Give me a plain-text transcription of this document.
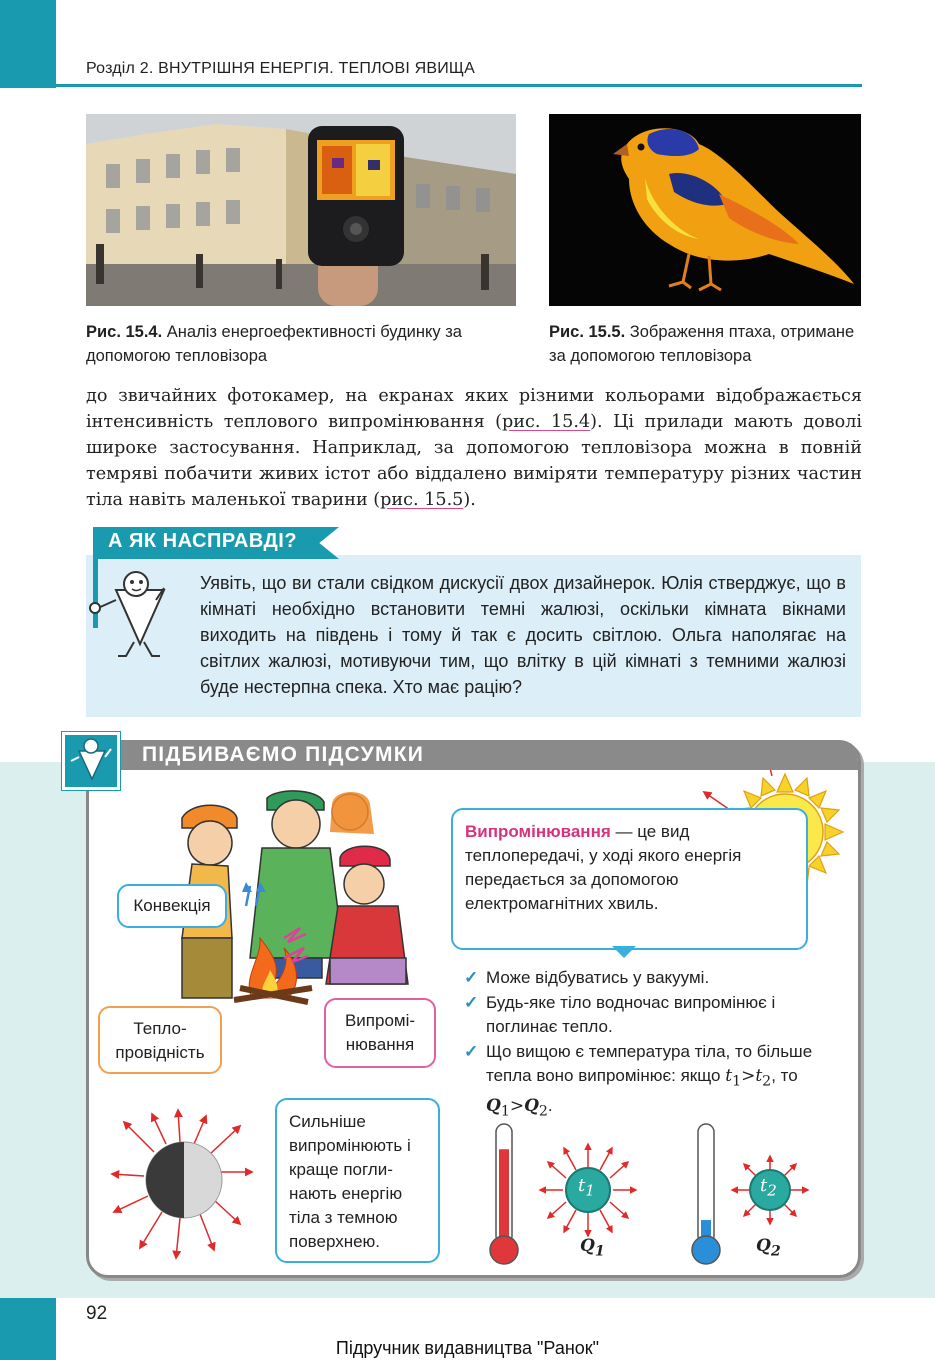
Розділ 2. ВНУТРІШНЯ ЕНЕРГІЯ. ТЕПЛОВІ ЯВИЩА
Рис. 15.4. Аналіз енергоефективності будинку за допомогою тепловізора
Рис. 15.5. Зображення птаха, отримане за допомогою тепловізора
до звичайних фотокамер, на екранах яких різними кольорами відображається інтенсивність теплового випромінювання (рис. 15.4). Ці прилади мають доволі широке застосування. Наприклад, за допомогою тепловізора можна в повній темряві побачити живих істот або віддалено виміряти температуру різних частин тіла навіть маленької тварини (рис. 15.5).
А ЯК НАСПРАВДІ?
Уявіть, що ви стали свідком дискусії двох дизайнерок. Юлія стверджує, що в кімнаті необхідно встановити темні жалюзі, оскільки кімната вікнами виходить на південь і тому й так є досить світлою. Ольга наполягає на світлих жалюзі, мотивуючи тим, що влітку в цій кімнаті з темними жалюзі буде нестерпна спека. Хто має рацію?
ПІДБИВАЄМО ПІДСУМКИ
Конвекція
Тепло-
провідність
Випромі-
нювання
Випромінювання — це вид теплопередачі, у ході якого енергія передається за допомогою електромагнітних хвиль.
✓ Може відбуватись у вакуумі.
✓ Будь-яке тіло водночас випромінює і поглинає тепло.
✓ Що вищою є температура тіла, то більше тепла воно випромінює: якщо $t_1>t_2$, то $Q_1>Q_2$.
Сильніше випромінюють і краще поглинають енергію тіла з темною поверхнею.
$t_1$	$t_2$
$Q_1$	$Q_2$
92
Підручник видавництва "Ранок"
